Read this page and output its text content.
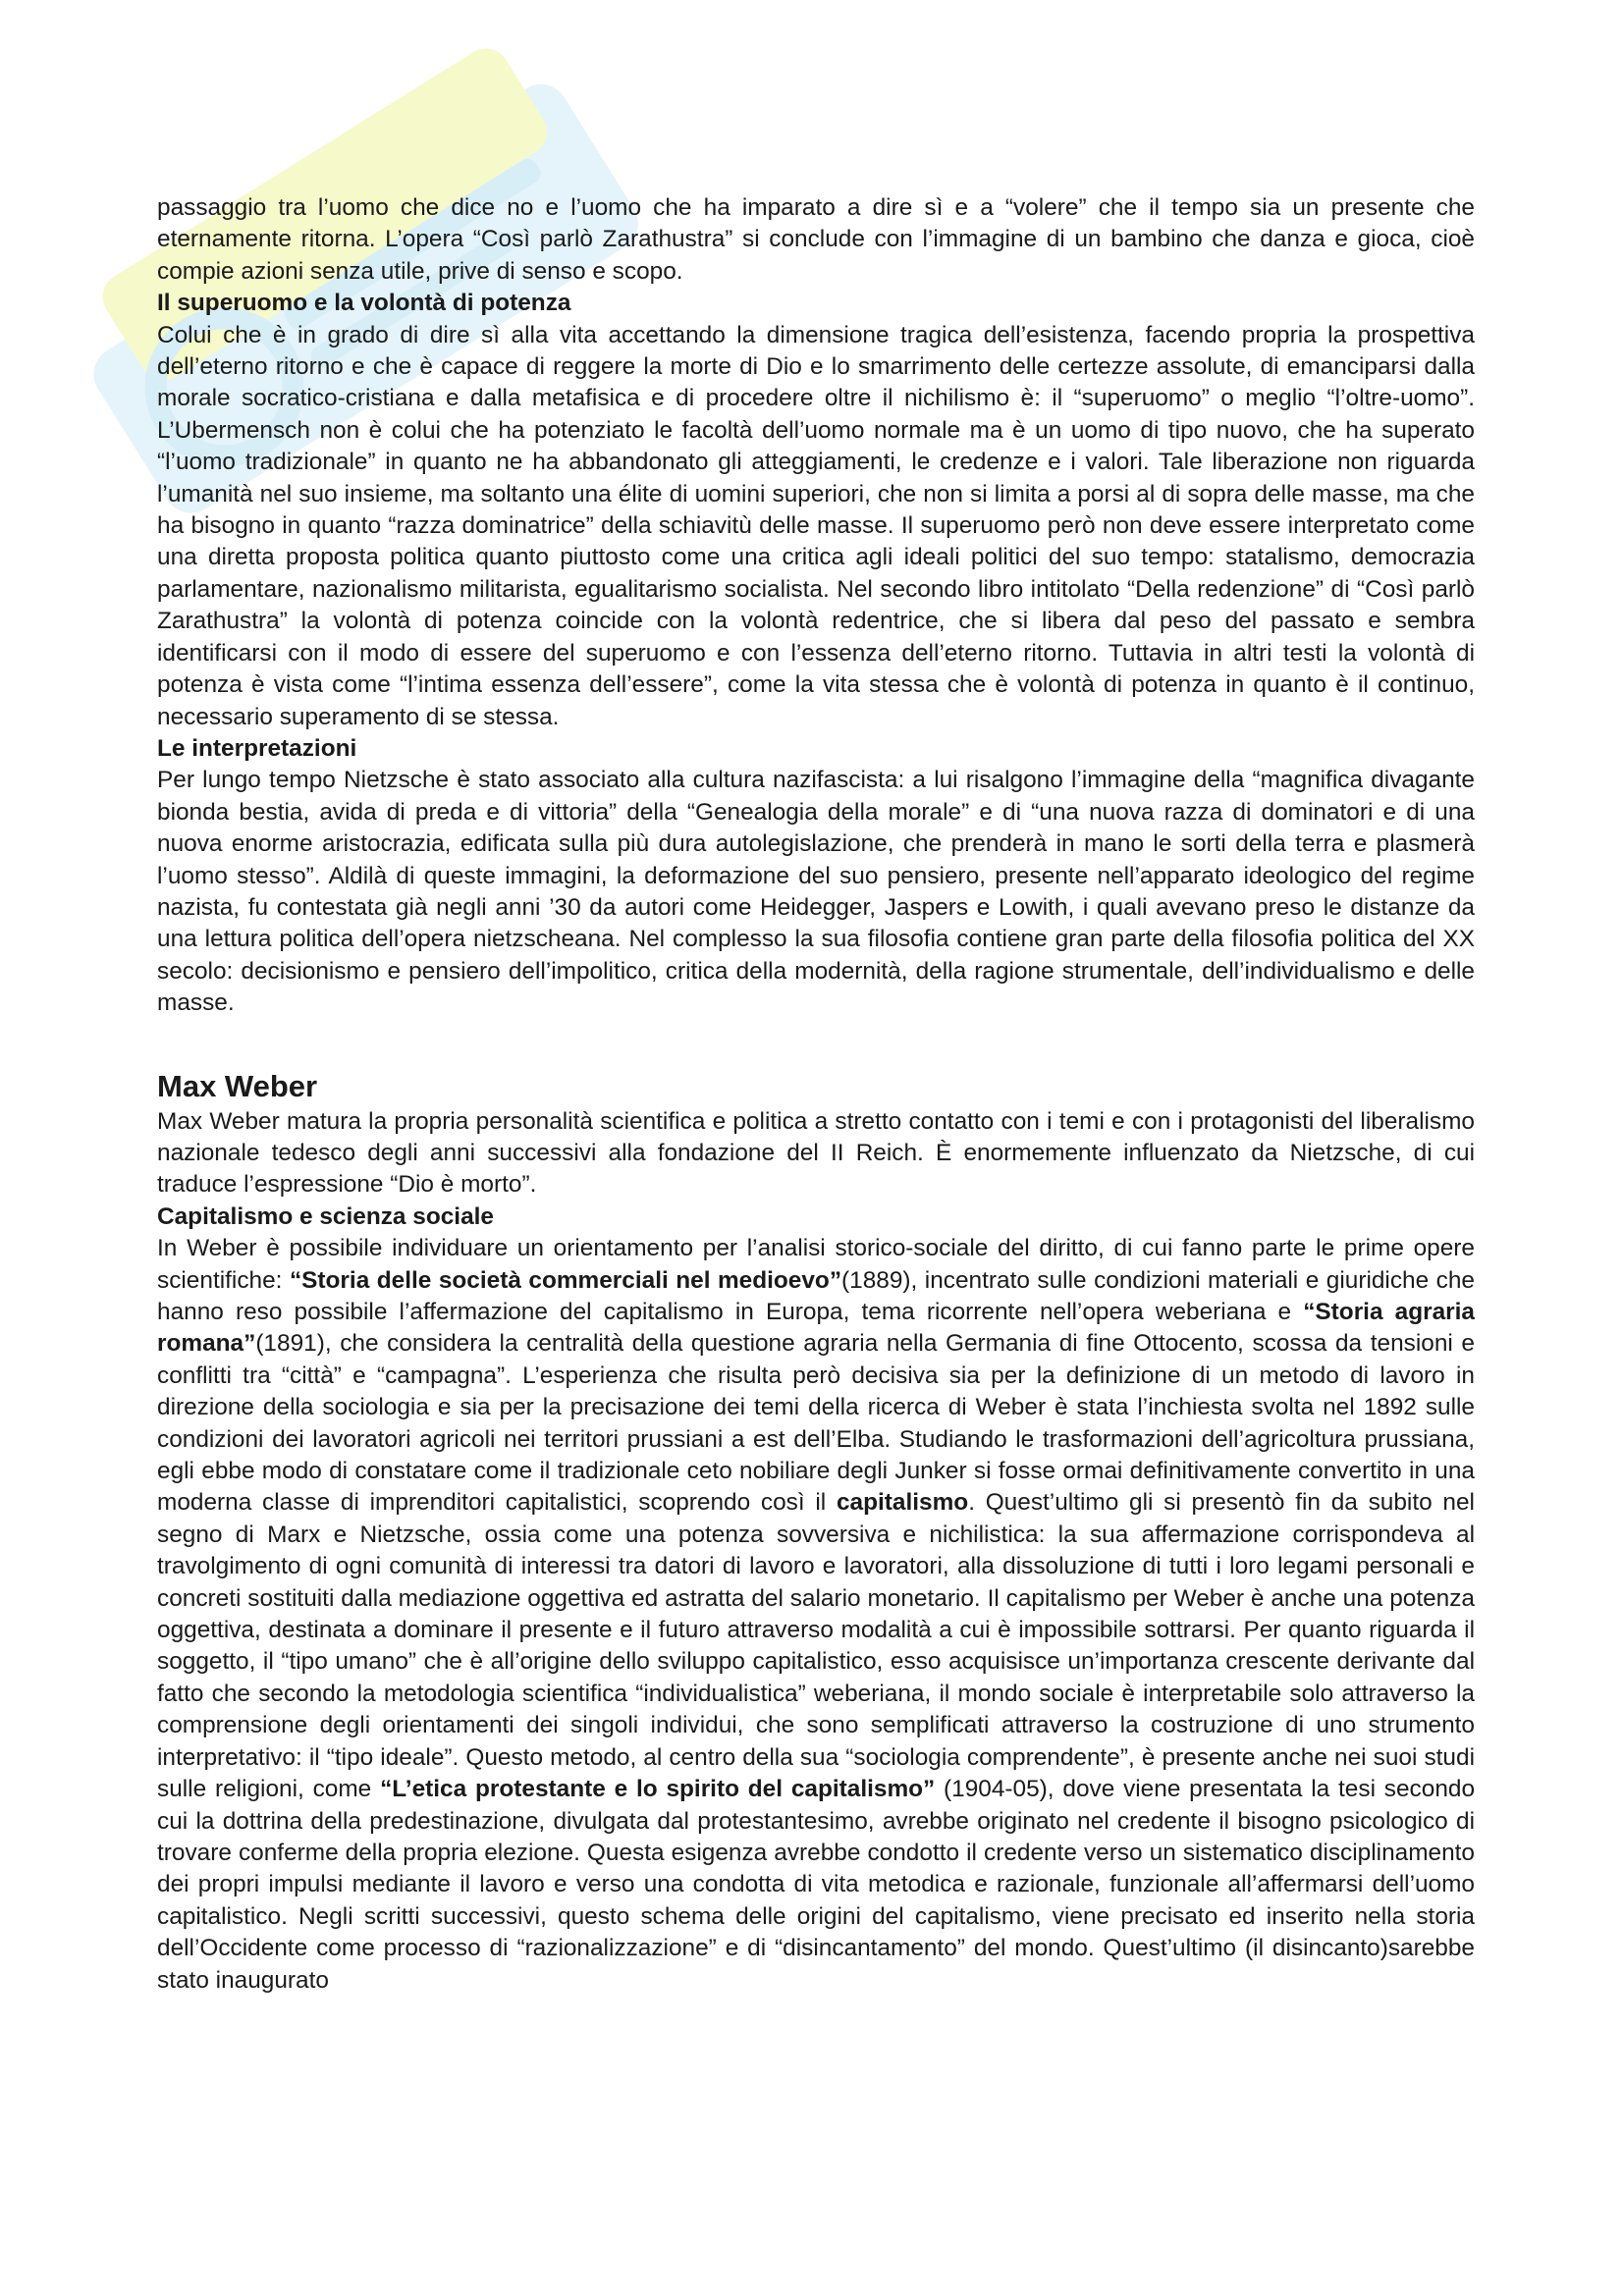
passaggio tra l’uomo che dice no e l’uomo che ha imparato a dire sì e a “volere” che il tempo sia un presente che eternamente ritorna. L’opera “Così parlò Zarathustra” si conclude con l’immagine di un bambino che danza e gioca, cioè compie azioni senza utile, prive di senso e scopo.

Il superuomo e la volontà di potenza

Colui che è in grado di dire sì alla vita accettando la dimensione tragica dell’esistenza, facendo propria la prospettiva dell’eterno ritorno e che è capace di reggere la morte di Dio e lo smarrimento delle certezze assolute, di emanciparsi dalla morale socratico-cristiana e dalla metafisica e di procedere oltre il nichilismo è: il “superuomo” o meglio “l’oltre-uomo”. L’Ubermensch non è colui che ha potenziato le facoltà dell’uomo normale ma è un uomo di tipo nuovo, che ha superato “l’uomo tradizionale” in quanto ne ha abbandonato gli atteggiamenti, le credenze e i valori. Tale liberazione non riguarda l’umanità nel suo insieme, ma soltanto una élite di uomini superiori, che non si limita a porsi al di sopra delle masse, ma che ha bisogno in quanto “razza dominatrice” della schiavitù delle masse. Il superuomo però non deve essere interpretato come una diretta proposta politica quanto piuttosto come una critica agli ideali politici del suo tempo: statalismo, democrazia parlamentare, nazionalismo militarista, egualitarismo socialista. Nel secondo libro intitolato “Della redenzione” di “Così parlò Zarathustra” la volontà di potenza coincide con la volontà redentrice, che si libera dal peso del passato e sembra identificarsi con il modo di essere del superuomo e con l’essenza dell’eterno ritorno. Tuttavia in altri testi la volontà di potenza è vista come “l’intima essenza dell’essere”, come la vita stessa che è volontà di potenza in quanto è il continuo, necessario superamento di se stessa.

Le interpretazioni

Per lungo tempo Nietzsche è stato associato alla cultura nazifascista: a lui risalgono l’immagine della “magnifica divagante bionda bestia, avida di preda e di vittoria” della “Genealogia della morale” e di “una nuova razza di dominatori e di una nuova enorme aristocrazia, edificata sulla più dura autolegislazione, che prenderà in mano le sorti della terra e plasmerà l’uomo stesso”. Aldilà di queste immagini, la deformazione del suo pensiero, presente nell’apparato ideologico del regime nazista, fu contestata già negli anni ’30 da autori come Heidegger, Jaspers e Lowith, i quali avevano preso le distanze da una lettura politica dell’opera nietzscheana. Nel complesso la sua filosofia contiene gran parte della filosofia politica del XX secolo: decisionismo e pensiero dell’impolitico, critica della modernità, della ragione strumentale, dell’individualismo e delle masse.

Max Weber

Max Weber matura la propria personalità scientifica e politica a stretto contatto con i temi e con i protagonisti del liberalismo nazionale tedesco degli anni successivi alla fondazione del II Reich. È enormemente influenzato da Nietzsche, di cui traduce l’espressione “Dio è morto”.

Capitalismo e scienza sociale

In Weber è possibile individuare un orientamento per l’analisi storico-sociale del diritto, di cui fanno parte le prime opere scientifiche: “Storia delle società commerciali nel medioevo”(1889), incentrato sulle condizioni materiali e giuridiche che hanno reso possibile l’affermazione del capitalismo in Europa, tema ricorrente nell’opera weberiana e “Storia agraria romana”(1891), che considera la centralità della questione agraria nella Germania di fine Ottocento, scossa da tensioni e conflitti tra “città” e “campagna”. L’esperienza che risulta però decisiva sia per la definizione di un metodo di lavoro in direzione della sociologia e sia per la precisazione dei temi della ricerca di Weber è stata l’inchiesta svolta nel 1892 sulle condizioni dei lavoratori agricoli nei territori prussiani a est dell’Elba. Studiando le trasformazioni dell’agricoltura prussiana, egli ebbe modo di constatare come il tradizionale ceto nobiliare degli Junker si fosse ormai definitivamente convertito in una moderna classe di imprenditori capitalistici, scoprendo così il capitalismo. Quest’ultimo gli si presentò fin da subito nel segno di Marx e Nietzsche, ossia come una potenza sovversiva e nichilistica: la sua affermazione corrispondeva al travolgimento di ogni comunità di interessi tra datori di lavoro e lavoratori, alla dissoluzione di tutti i loro legami personali e concreti sostituiti dalla mediazione oggettiva ed astratta del salario monetario. Il capitalismo per Weber è anche una potenza oggettiva, destinata a dominare il presente e il futuro attraverso modalità a cui è impossibile sottrarsi. Per quanto riguarda il soggetto, il “tipo umano” che è all’origine dello sviluppo capitalistico, esso acquisisce un’importanza crescente derivante dal fatto che secondo la metodologia scientifica “individualistica” weberiana, il mondo sociale è interpretabile solo attraverso la comprensione degli orientamenti dei singoli individui, che sono semplificati attraverso la costruzione di uno strumento interpretativo: il “tipo ideale”. Questo metodo, al centro della sua “sociologia comprendente”, è presente anche nei suoi studi sulle religioni, come “L’etica protestante e lo spirito del capitalismo” (1904-05), dove viene presentata la tesi secondo cui la dottrina della predestinazione, divulgata dal protestantesimo, avrebbe originato nel credente il bisogno psicologico di trovare conferme della propria elezione. Questa esigenza avrebbe condotto il credente verso un sistematico disciplinamento dei propri impulsi mediante il lavoro e verso una condotta di vita metodica e razionale, funzionale all’affermarsi dell’uomo capitalistico. Negli scritti successivi, questo schema delle origini del capitalismo, viene precisato ed inserito nella storia dell’Occidente come processo di “razionalizzazione” e di “disincantamento” del mondo. Quest’ultimo (il disincanto)sarebbe stato inaugurato
